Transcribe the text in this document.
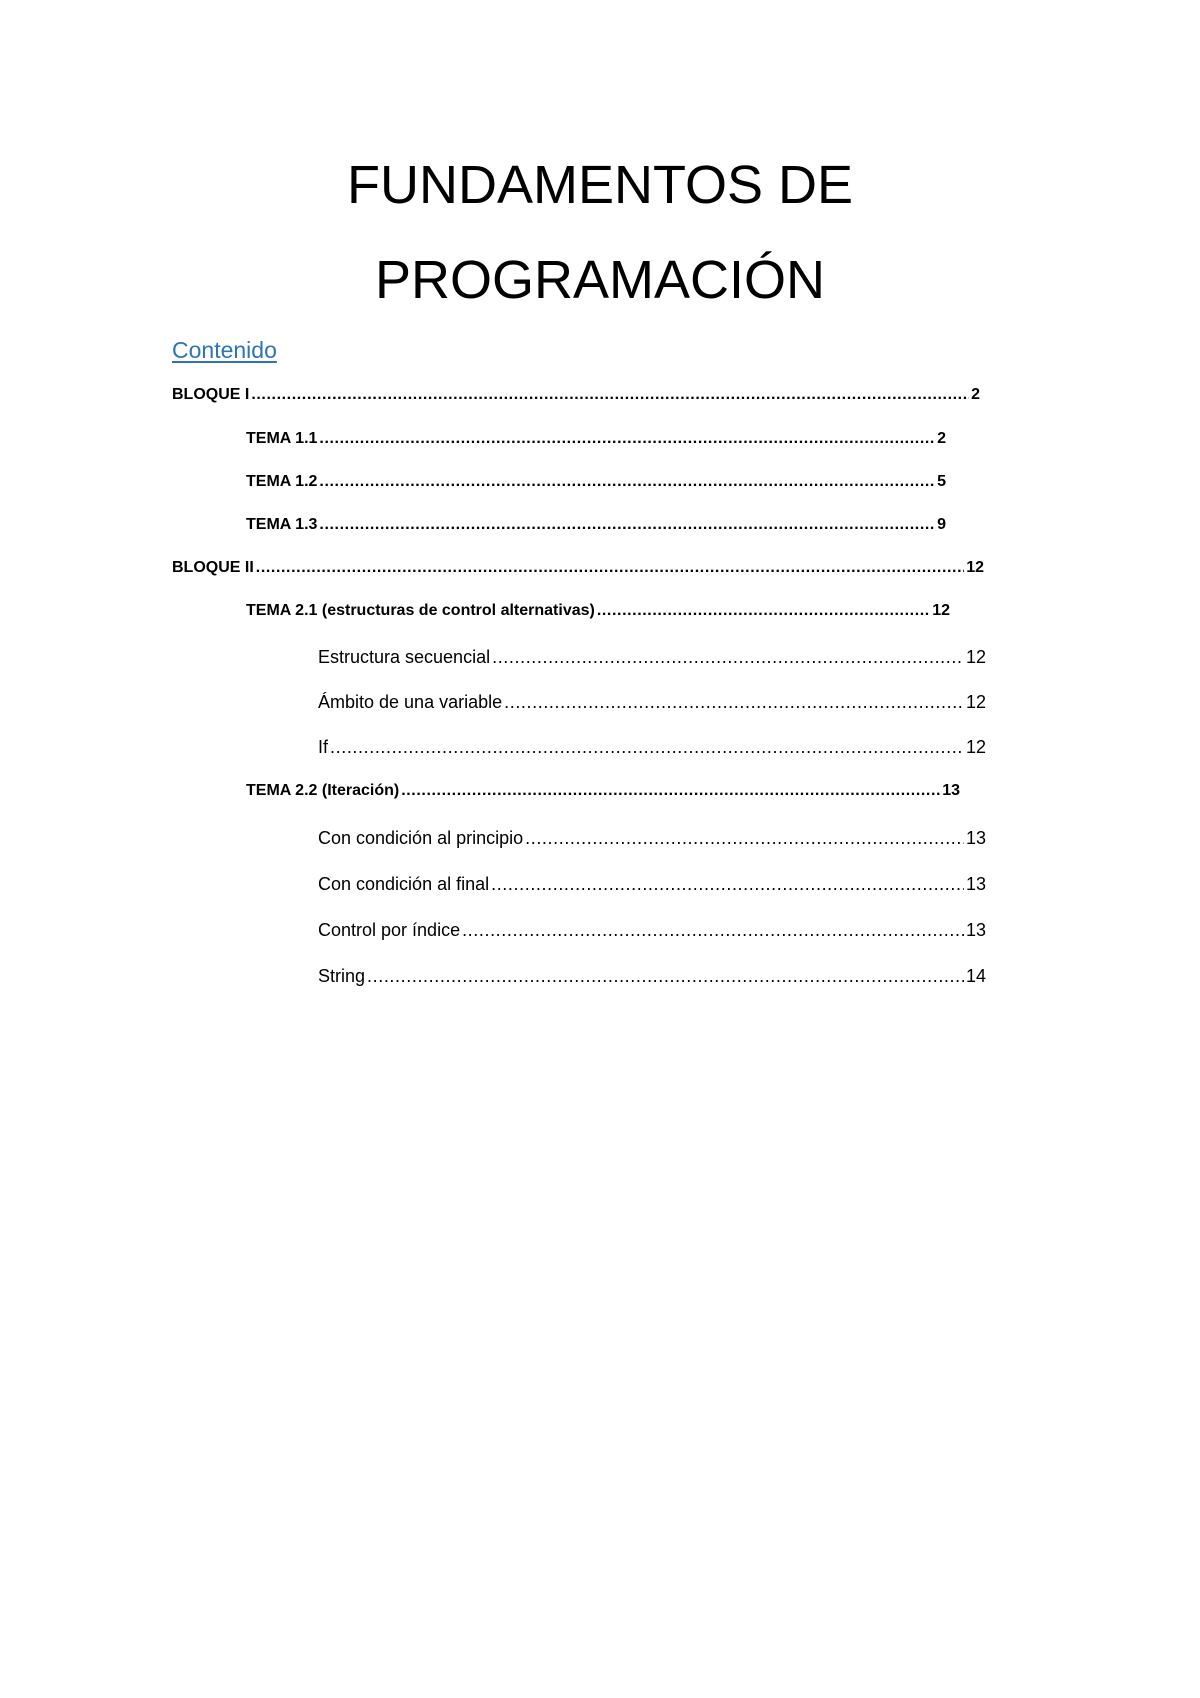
FUNDAMENTOS DE
PROGRAMACIÓN
Contenido
BLOQUE I .....	2
TEMA 1.1 .....	2
TEMA 1.2 .....	5
TEMA 1.3 .....	9
BLOQUE II .....	12
TEMA 2.1 (estructuras de control alternativas) .....	12
Estructura secuencial .....	12
Ámbito de una variable .....	12
If .....	12
TEMA 2.2 (Iteración) .....	13
Con condición al principio .....	13
Con condición al final .....	13
Control por índice .....	13
String .....	14
